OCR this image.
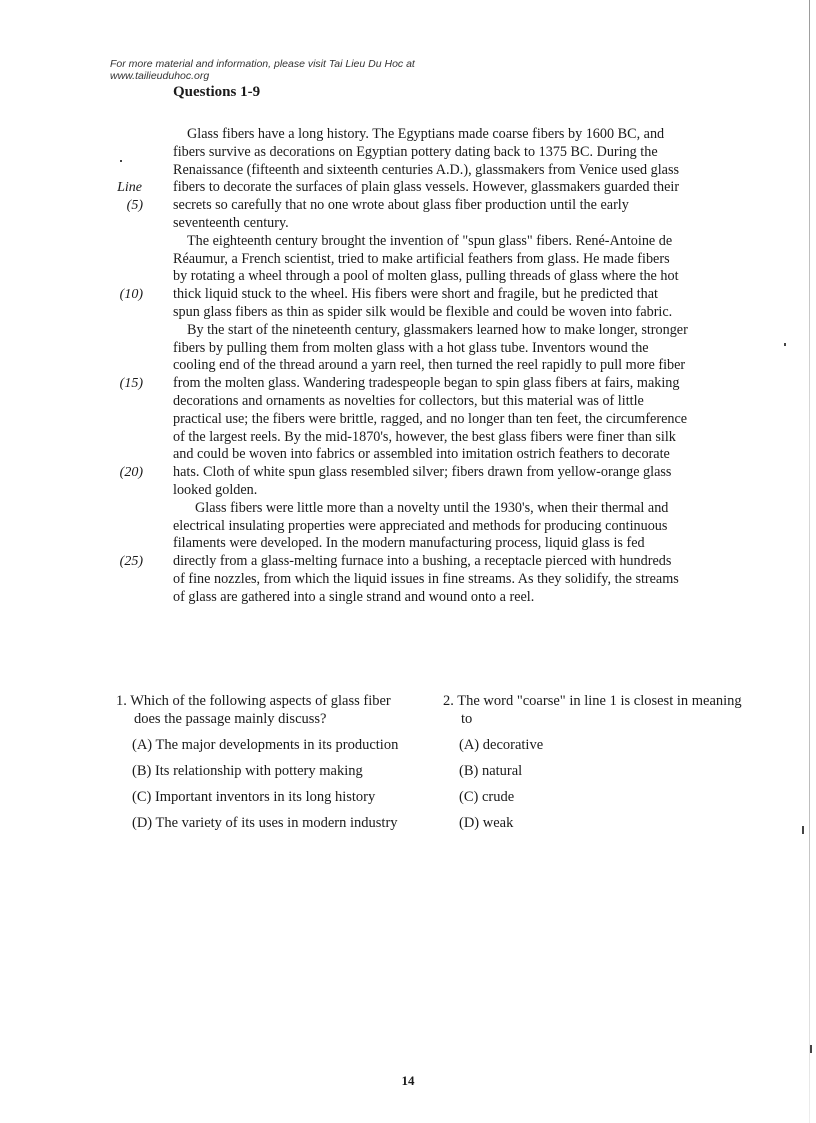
For more material and information, please visit Tai Lieu Du Hoc at
www.tailieuduhoc.org
Questions 1-9
Glass fibers have a long history. The Egyptians made coarse fibers by 1600 BC, and
fibers survive as decorations on Egyptian pottery dating back to 1375 BC. During the
Renaissance (fifteenth and sixteenth centuries A.D.), glassmakers from Venice used glass
Line fibers to decorate the surfaces of plain glass vessels. However, glassmakers guarded their
(5) secrets so carefully that no one wrote about glass fiber production until the early
seventeenth century.
The eighteenth century brought the invention of "spun glass" fibers. René-Antoine de
Réaumur, a French scientist, tried to make artificial feathers from glass. He made fibers
by rotating a wheel through a pool of molten glass, pulling threads of glass where the hot
(10) thick liquid stuck to the wheel. His fibers were short and fragile, but he predicted that
spun glass fibers as thin as spider silk would be flexible and could be woven into fabric.
By the start of the nineteenth century, glassmakers learned how to make longer, stronger
fibers by pulling them from molten glass with a hot glass tube. Inventors wound the
cooling end of the thread around a yarn reel, then turned the reel rapidly to pull more fiber
(15) from the molten glass. Wandering tradespeople began to spin glass fibers at fairs, making
decorations and ornaments as novelties for collectors, but this material was of little
practical use; the fibers were brittle, ragged, and no longer than ten feet, the circumference
of the largest reels. By the mid-1870's, however, the best glass fibers were finer than silk
and could be woven into fabrics or assembled into imitation ostrich feathers to decorate
(20) hats. Cloth of white spun glass resembled silver; fibers drawn from yellow-orange glass
looked golden.
Glass fibers were little more than a novelty until the 1930's, when their thermal and
electrical insulating properties were appreciated and methods for producing continuous
filaments were developed. In the modern manufacturing process, liquid glass is fed
(25) directly from a glass-melting furnace into a bushing, a receptacle pierced with hundreds
of fine nozzles, from which the liquid issues in fine streams. As they solidify, the streams
of glass are gathered into a single strand and wound onto a reel.
1. Which of the following aspects of glass fiber does the passage mainly discuss?
(A) The major developments in its production
(B) Its relationship with pottery making
(C) Important inventors in its long history
(D) The variety of its uses in modern industry
2. The word "coarse" in line 1 is closest in meaning to
(A) decorative
(B) natural
(C) crude
(D) weak
14
